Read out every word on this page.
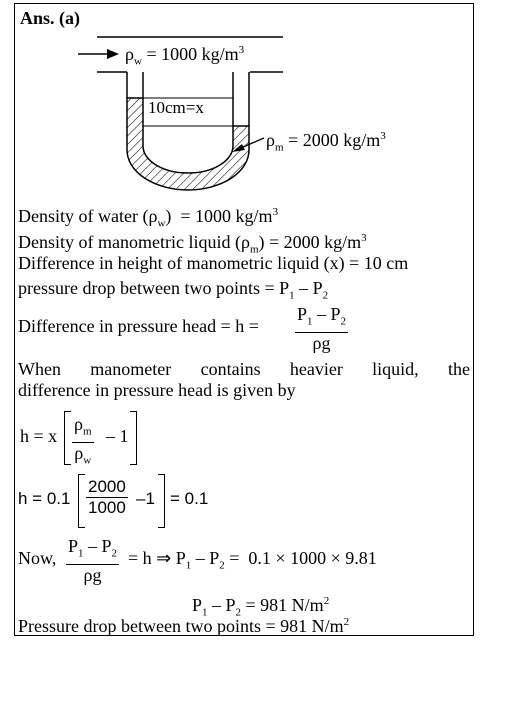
Ans. (a)
$\rho_w = 1000$ $kg/m^3$
10cm=x
$\rho_m = 2000$ $kg/m^3$
Density of water $(\rho_w) = 1000$ $kg/m^3$
Density of manometric liquid $(\rho_m) = 2000$ $kg/m^3$
Difference in height of manometric liquid (x) = 10 cm
pressure drop between two points = $P_1 - P_2$
Difference in pressure head = $h = \frac{P_1 - P_2}{\rho g}$
When manometer contains heavier liquid, the
difference in pressure head is given by
h = x $\frac{\rho_m}{\rho_w} - 1$
$h = 0.1 \frac{2000}{1000} -1 = 0.1$
Now, $\frac{P_1 - P_2}{\rho g} = h$ ⇒ $P_1 - P_2 = 0.1 \times 1000 \times 9.81$
$P_1 - P_2 = 981$ $N/m^2$
Pressure drop between two points = 981 $N/m^2$
